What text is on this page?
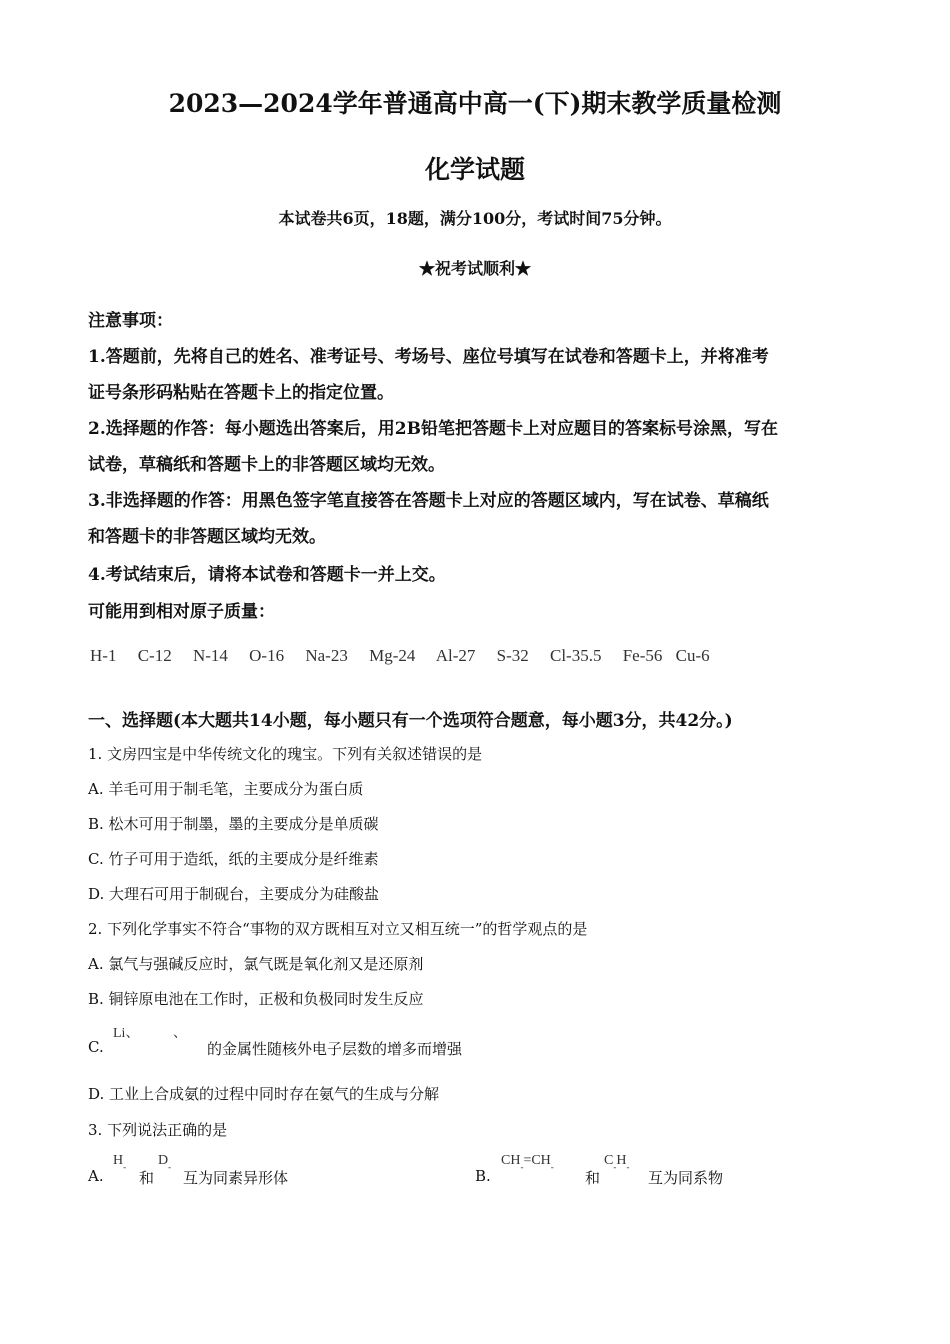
2023—2024学年普通高中高一(下)期末教学质量检测
化学试题
本试卷共6页，18题，满分100分，考试时间75分钟。
★祝考试顺利★
注意事项：
1.答题前，先将自己的姓名、准考证号、考场号、座位号填写在试卷和答题卡上，并将准考
证号条形码粘贴在答题卡上的指定位置。
2.选择题的作答：每小题选出答案后，用2B铅笔把答题卡上对应题目的答案标号涂黑，写在
试卷，草稿纸和答题卡上的非答题区域均无效。
3.非选择题的作答：用黑色签字笔直接答在答题卡上对应的答题区域内，写在试卷、草稿纸
和答题卡的非答题区域均无效。
4.考试结束后，请将本试卷和答题卡一并上交。
可能用到相对原子质量：
H-1 C-12 N-14 O-16 Na-23 Mg-24 Al-27 S-32 Cl-35.5 Fe-56 Cu-6
一、选择题(本大题共14小题，每小题只有一个选项符合题意，每小题3分，共42分。)
1. 文房四宝是中华传统文化的瑰宝。下列有关叙述错误的是
A. 羊毛可用于制毛笔，主要成分为蛋白质
B. 松木可用于制墨，墨的主要成分是单质碳
C. 竹子可用于造纸，纸的主要成分是纤维素
D. 大理石可用于制砚台，主要成分为硅酸盐
2. 下列化学事实不符合“事物的双方既相互对立又相互统一”的哲学观点的是
A. 氯气与强碱反应时，氯气既是氧化剂又是还原剂
B. 铜锌原电池在工作时，正极和负极同时发生反应
C.
Li、 、
的金属性随核外电子层数的增多而增强
D. 工业上合成氨的过程中同时存在氨气的生成与分解
3. 下列说法正确的是
A.
$H_-$
和
$D_-$
互为同素异形体	B.
$CH_-=CH_-$
和
$C_-H_-$
互为同系物
